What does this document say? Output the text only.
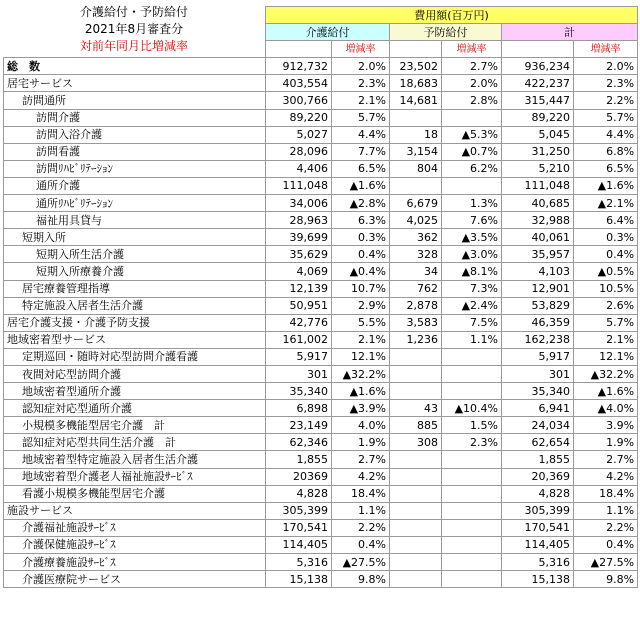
介護給付・予防給付
2021年8月審査分
対前年同月比増減率
	費用額(百万円)					
	介護給付		予防給付		計	
		増減率		増減率		増減率
総　数	912,732	2.0%	23,502	2.7%	936,234	2.0%
居宅サービス	403,554	2.3%	18,683	2.0%	422,237	2.3%
訪問通所	300,766	2.1%	14,681	2.8%	315,447	2.2%
訪問介護	89,220	5.7%			89,220	5.7%
訪問入浴介護	5,027	4.4%	18	▲5.3%	5,045	4.4%
訪問看護	28,096	7.7%	3,154	▲0.7%	31,250	6.8%
訪問ﾘﾊﾋﾞﾘﾃｰｼｮﾝ	4,406	6.5%	804	6.2%	5,210	6.5%
通所介護	111,048	▲1.6%			111,048	▲1.6%
通所ﾘﾊﾋﾞﾘﾃｰｼｮﾝ	34,006	▲2.8%	6,679	1.3%	40,685	▲2.1%
福祉用具貸与	28,963	6.3%	4,025	7.6%	32,988	6.4%
短期入所	39,699	0.3%	362	▲3.5%	40,061	0.3%
短期入所生活介護	35,629	0.4%	328	▲3.0%	35,957	0.4%
短期入所療養介護	4,069	▲0.4%	34	▲8.1%	4,103	▲0.5%
居宅療養管理指導	12,139	10.7%	762	7.3%	12,901	10.5%
特定施設入居者生活介護	50,951	2.9%	2,878	▲2.4%	53,829	2.6%
居宅介護支援・介護予防支援	42,776	5.5%	3,583	7.5%	46,359	5.7%
地域密着型サービス	161,002	2.1%	1,236	1.1%	162,238	2.1%
定期巡回・随時対応型訪問介護看護	5,917	12.1%			5,917	12.1%
夜間対応型訪問介護	301	▲32.2%			301	▲32.2%
地域密着型通所介護	35,340	▲1.6%			35,340	▲1.6%
認知症対応型通所介護	6,898	▲3.9%	43	▲10.4%	6,941	▲4.0%
小規模多機能型居宅介護　計	23,149	4.0%	885	1.5%	24,034	3.9%
認知症対応型共同生活介護　計	62,346	1.9%	308	2.3%	62,654	1.9%
地域密着型特定施設入居者生活介護	1,855	2.7%			1,855	2.7%
地域密着型介護老人福祉施設ｻｰﾋﾞｽ	20369	4.2%			20,369	4.2%
看護小規模多機能型居宅介護	4,828	18.4%			4,828	18.4%
施設サービス	305,399	1.1%			305,399	1.1%
介護福祉施設ｻｰﾋﾞｽ	170,541	2.2%			170,541	2.2%
介護保健施設ｻｰﾋﾞｽ	114,405	0.4%			114,405	0.4%
介護療養施設ｻｰﾋﾞｽ	5,316	▲27.5%			5,316	▲27.5%
介護医療院サービス	15,138	9.8%			15,138	9.8%
